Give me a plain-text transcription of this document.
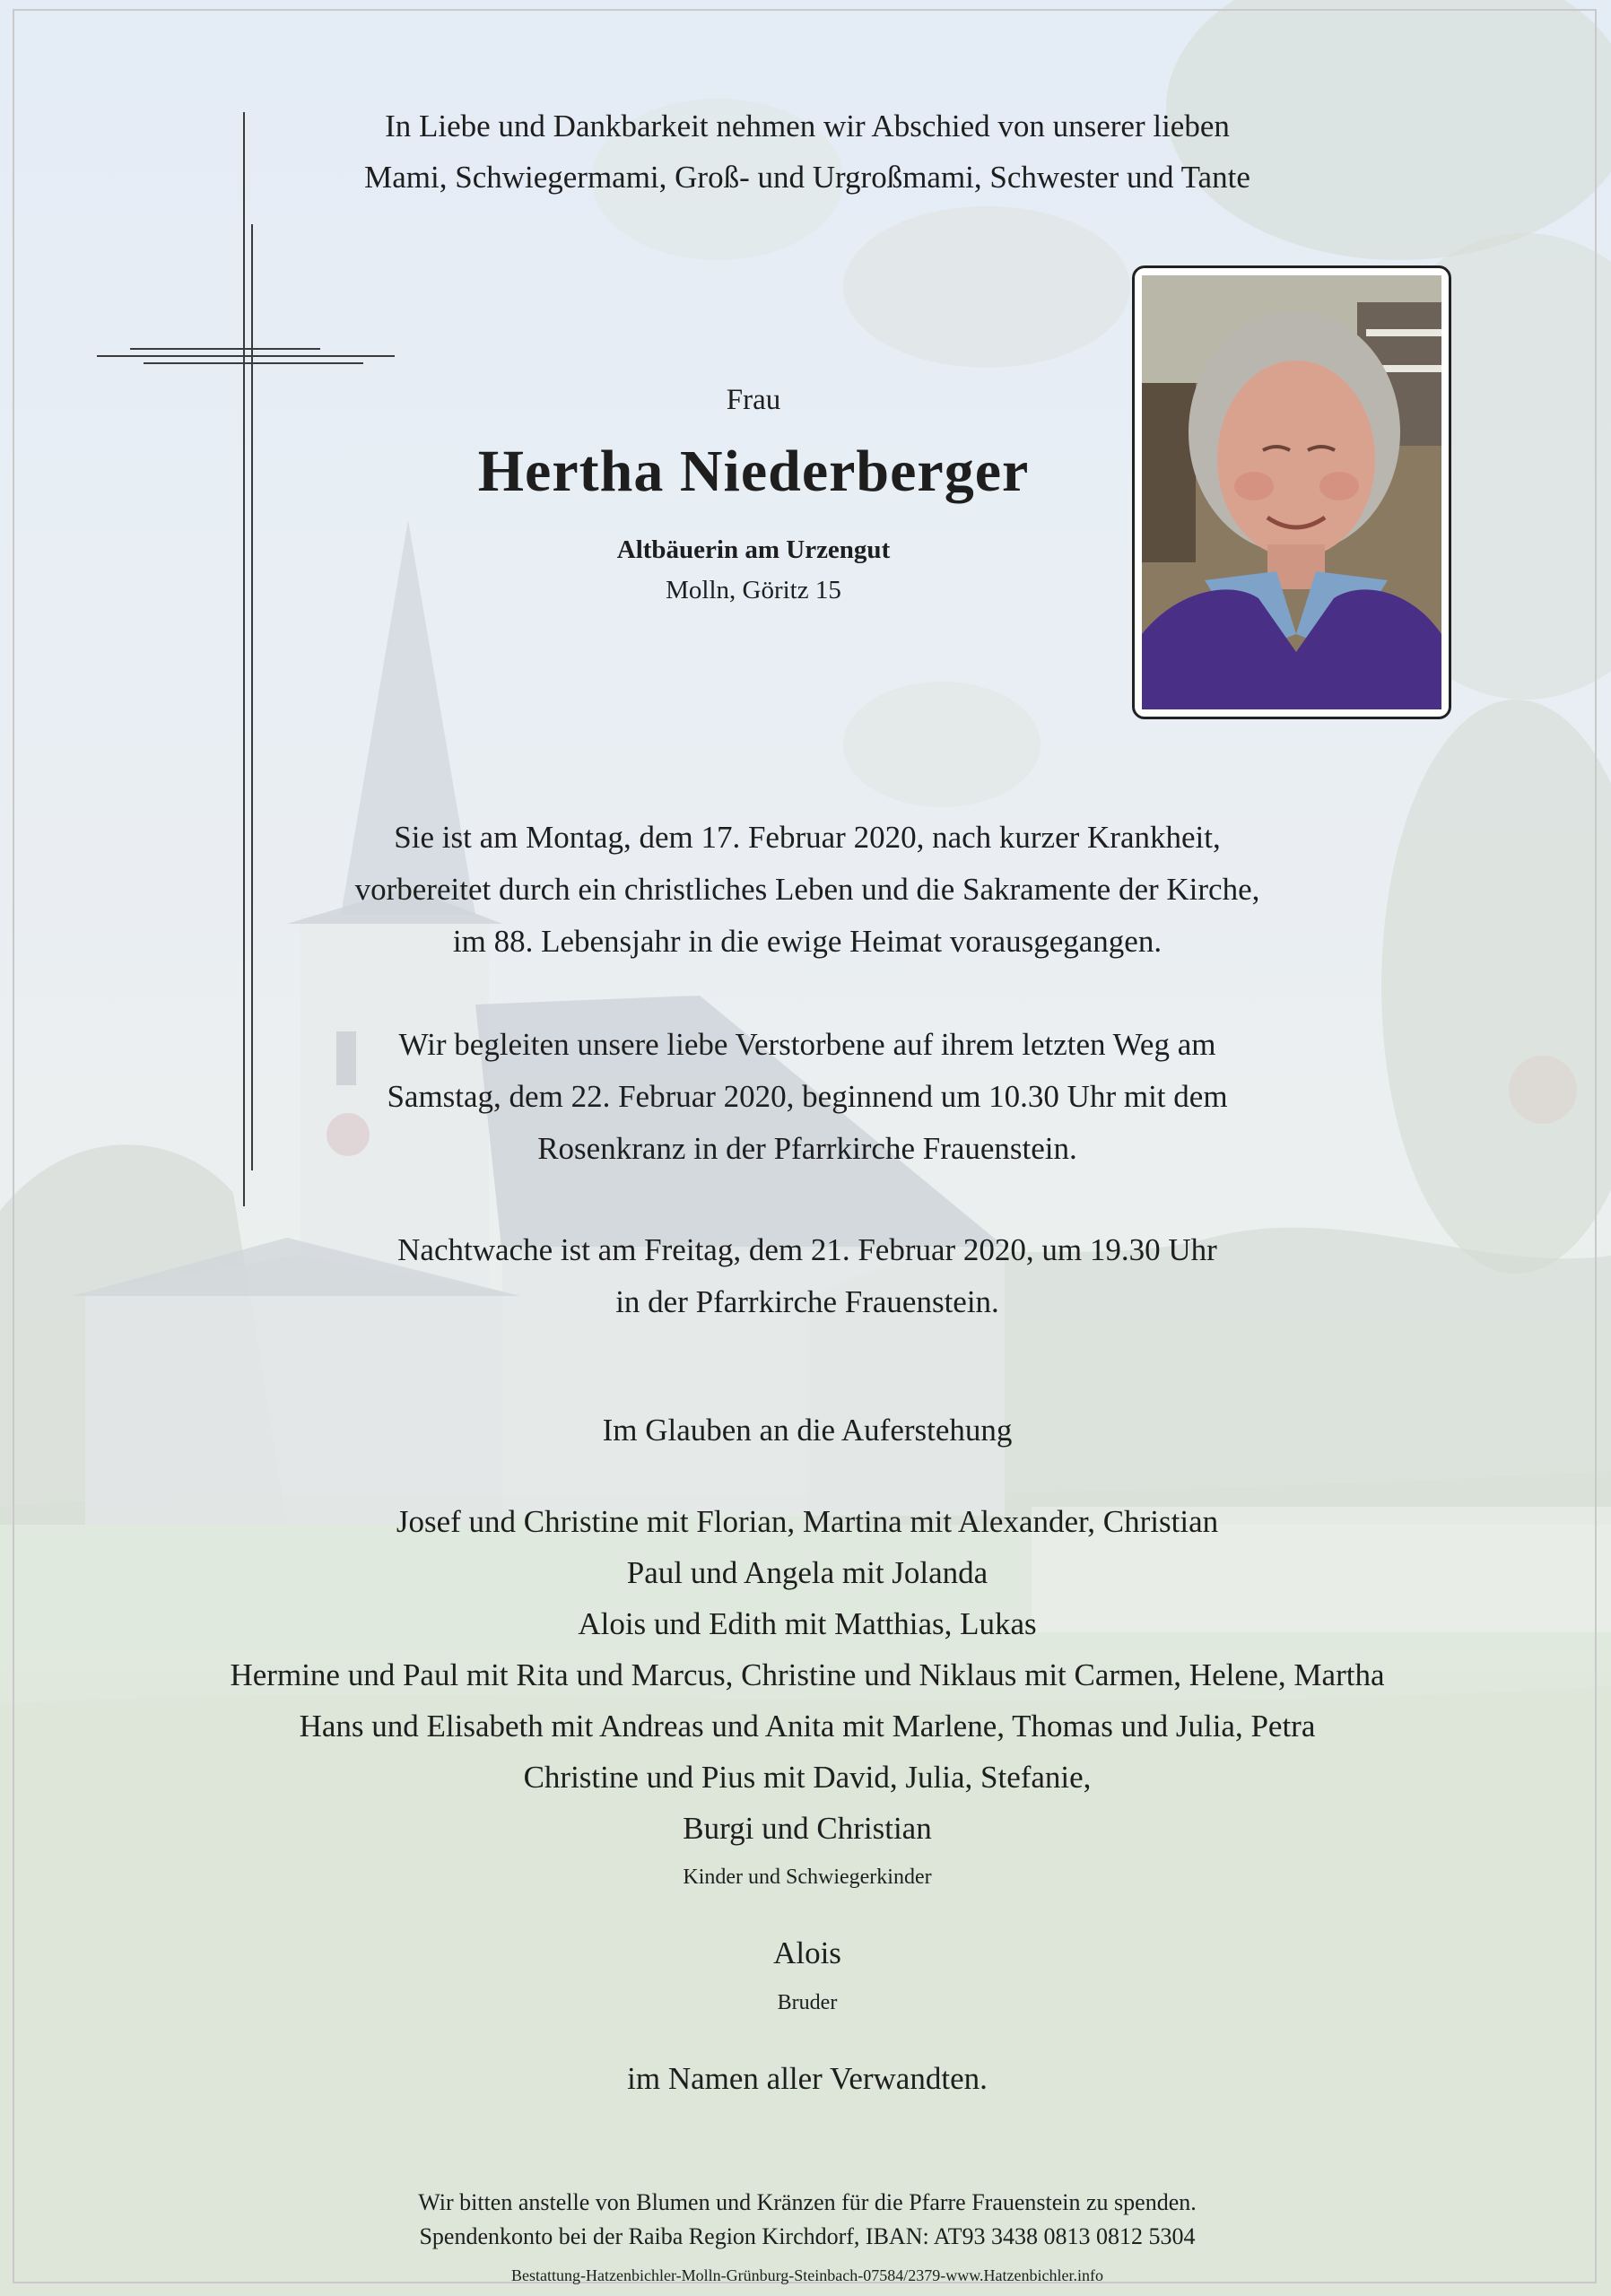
In Liebe und Dankbarkeit nehmen wir Abschied von unserer lieben
Mami, Schwiegermami, Groß- und Urgroßmami, Schwester und Tante
Frau
Hertha Niederberger
Altbäuerin am Urzengut
Molln, Göritz 15
Sie ist am Montag, dem 17. Februar 2020, nach kurzer Krankheit,
vorbereitet durch ein christliches Leben und die Sakramente der Kirche,
im 88. Lebensjahr in die ewige Heimat vorausgegangen.
Wir begleiten unsere liebe Verstorbene auf ihrem letzten Weg am
Samstag, dem 22. Februar 2020, beginnend um 10.30 Uhr mit dem
Rosenkranz in der Pfarrkirche Frauenstein.
Nachtwache ist am Freitag, dem 21. Februar 2020, um 19.30 Uhr
in der Pfarrkirche Frauenstein.
Im Glauben an die Auferstehung
Josef und Christine mit Florian, Martina mit Alexander, Christian
Paul und Angela mit Jolanda
Alois und Edith mit Matthias, Lukas
Hermine und Paul mit Rita und Marcus, Christine und Niklaus mit Carmen, Helene, Martha
Hans und Elisabeth mit Andreas und Anita mit Marlene, Thomas und Julia, Petra
Christine und Pius mit David, Julia, Stefanie,
Burgi und Christian
Kinder und Schwiegerkinder
Alois
Bruder
im Namen aller Verwandten.
Wir bitten anstelle von Blumen und Kränzen für die Pfarre Frauenstein zu spenden.
Spendenkonto bei der Raiba Region Kirchdorf, IBAN: AT93 3438 0813 0812 5304
Bestattung-Hatzenbichler-Molln-Grünburg-Steinbach-07584/2379-www.Hatzenbichler.info
